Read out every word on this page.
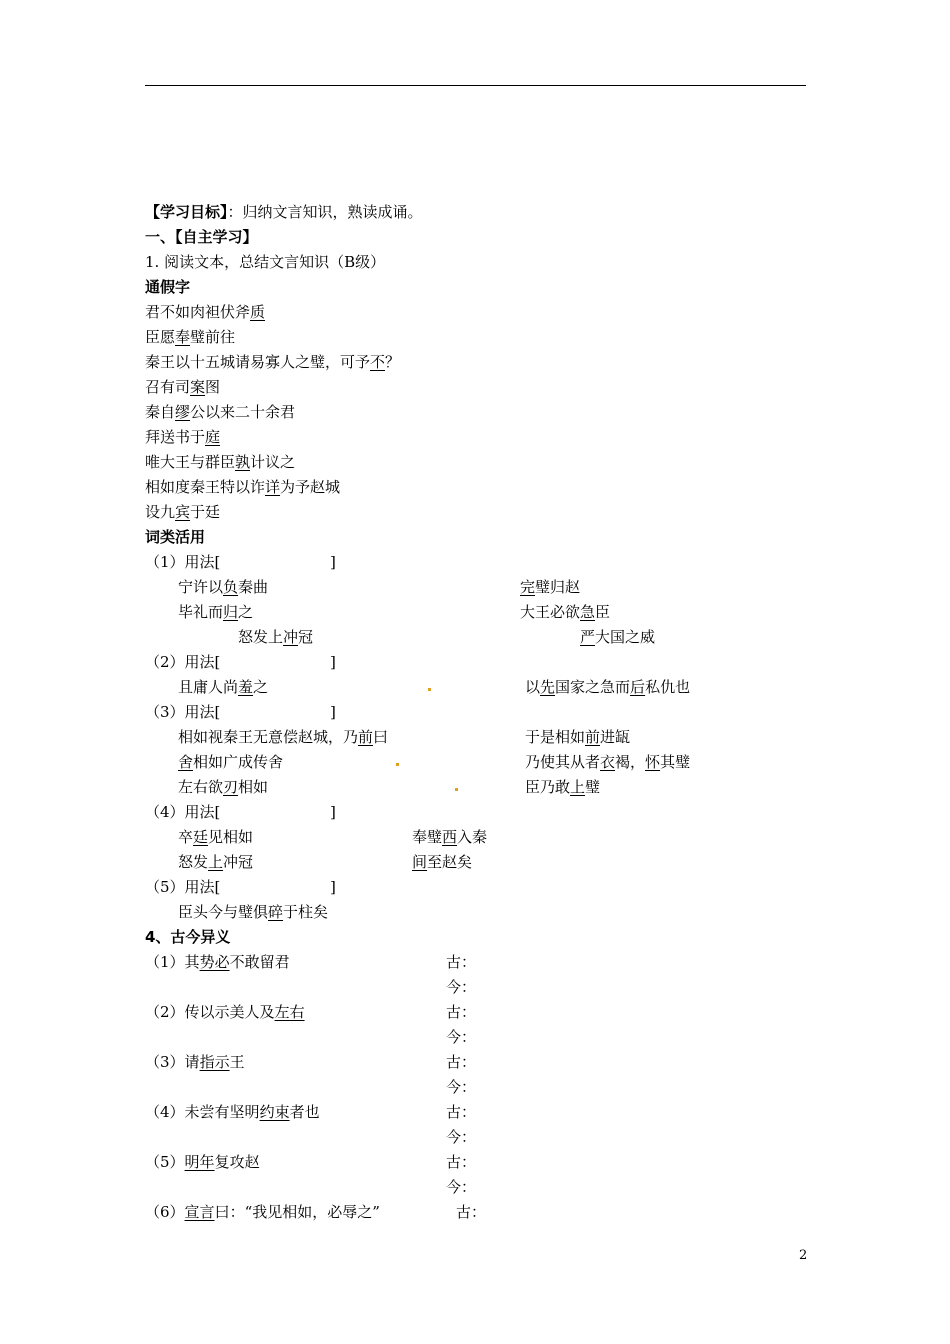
【学习目标】：归纳文言知识，熟读成诵。
一、【自主学习】
1. 阅读文本，总结文言知识（B级）
通假字
君不如肉袒伏斧质
臣愿奉璧前往
秦王以十五城请易寡人之璧，可予不？
召有司案图
秦自缪公以来二十余君
拜送书于庭
唯大王与群臣孰计议之
相如度秦王特以诈详为予赵城
设九宾于廷
词类活用
（1）用法[	]
宁许以负秦曲	完璧归赵
毕礼而归之	大王必欲急臣
怒发上冲冠	严大国之威
（2）用法[	]
且庸人尚羞之	以先国家之急而后私仇也
（3）用法[	]
相如视秦王无意偿赵城，乃前曰	于是相如前进缻
舍相如广成传舍	乃使其从者衣褐，怀其璧
左右欲刃相如	臣乃敢上璧
（4）用法[	]
卒廷见相如	奉璧西入秦
怒发上冲冠	间至赵矣
（5）用法[	]
臣头今与璧俱碎于柱矣
4、古今异义
（1）其势必不敢留君	古：
今：
（2）传以示美人及左右	古：
今：
（3）请指示王	古：
今：
（4）未尝有坚明约束者也	古：
今：
（5）明年复攻赵	古：
今：
（6）宣言曰：“我见相如，必辱之”	古：
2
